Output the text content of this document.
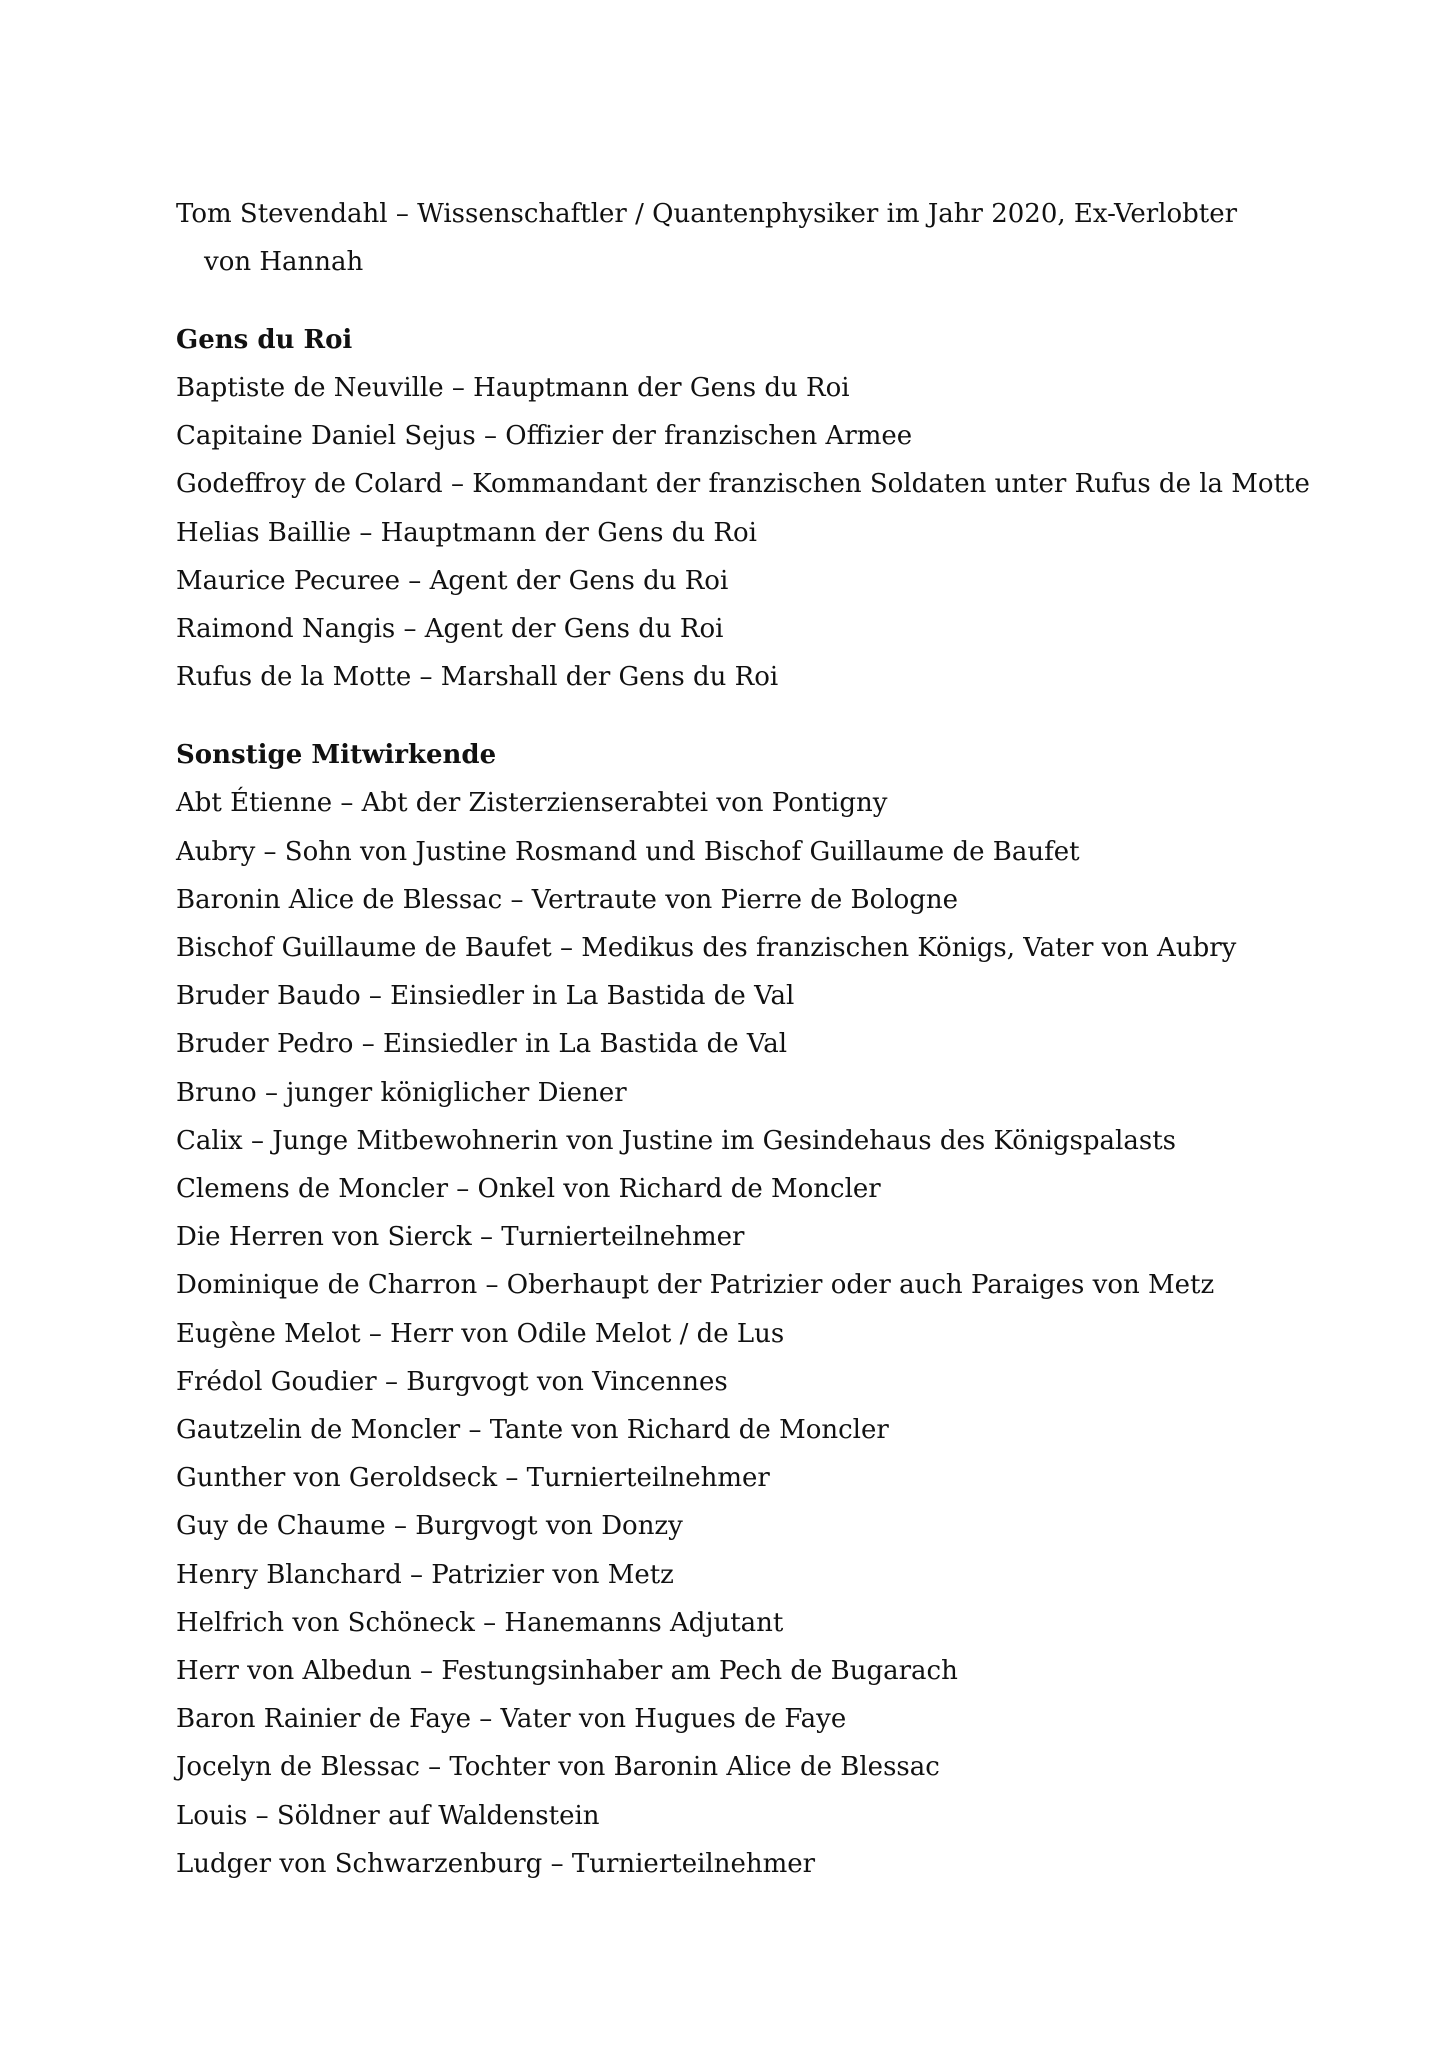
Tom Stevendahl – Wissenschaftler / Quantenphysiker im Jahr 2020, Ex-Verlobter von Hannah

Gens du Roi
Baptiste de Neuville – Hauptmann der Gens du Roi
Capitaine Daniel Sejus – Offizier der franzischen Armee
Godeffroy de Colard – Kommandant der franzischen Soldaten unter Rufus de la Motte
Helias Baillie – Hauptmann der Gens du Roi
Maurice Pecuree – Agent der Gens du Roi
Raimond Nangis – Agent der Gens du Roi
Rufus de la Motte – Marshall der Gens du Roi
Sonstige Mitwirkende
Abt Étienne – Abt der Zisterzienserabtei von Pontigny
Aubry – Sohn von Justine Rosmand und Bischof Guillaume de Baufet
Baronin Alice de Blessac – Vertraute von Pierre de Bologne
Bischof Guillaume de Baufet – Medikus des franzischen Königs, Vater von Aubry
Bruder Baudo – Einsiedler in La Bastida de Val
Bruder Pedro – Einsiedler in La Bastida de Val
Bruno – junger königlicher Diener
Calix – Junge Mitbewohnerin von Justine im Gesindehaus des Königspalasts
Clemens de Moncler – Onkel von Richard de Moncler
Die Herren von Sierck – Turnierteilnehmer
Dominique de Charron – Oberhaupt der Patrizier oder auch Paraiges von Metz
Eugène Melot – Herr von Odile Melot / de Lus
Frédol Goudier – Burgvogt von Vincennes
Gautzelin de Moncler – Tante von Richard de Moncler
Gunther von Geroldseck – Turnierteilnehmer
Guy de Chaume – Burgvogt von Donzy
Henry Blanchard – Patrizier von Metz
Helfrich von Schöneck – Hanemanns Adjutant
Herr von Albedun – Festungsinhaber am Pech de Bugarach
Baron Rainier de Faye – Vater von Hugues de Faye
Jocelyn de Blessac – Tochter von Baronin Alice de Blessac
Louis – Söldner auf Waldenstein
Ludger von Schwarzenburg – Turnierteilnehmer
